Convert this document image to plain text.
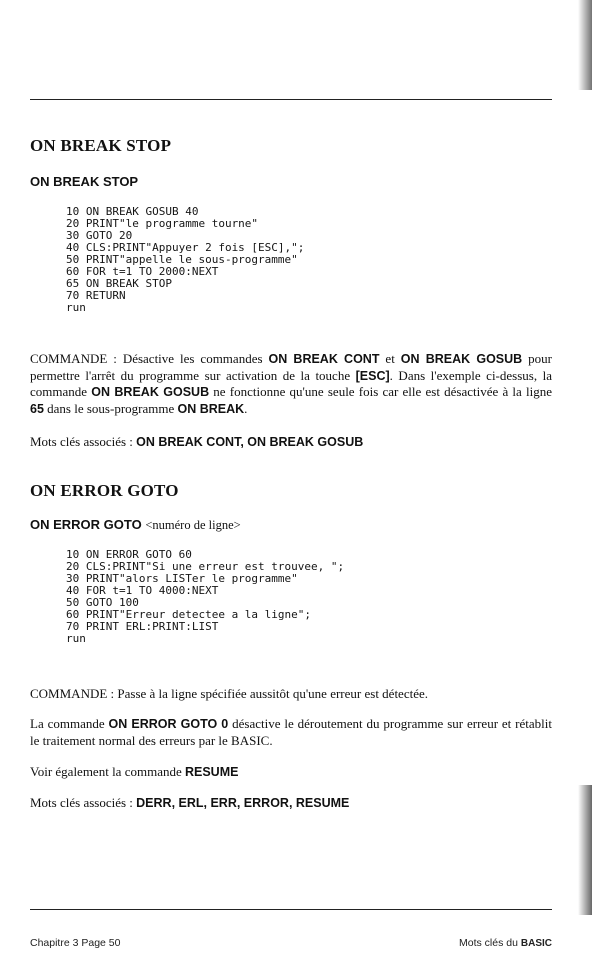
ON BREAK STOP
ON BREAK STOP
10 ON BREAK GOSUB 40
20 PRINT"le programme tourne"
30 GOTO 20
40 CLS:PRINT"Appuyer 2 fois [ESC],";
50 PRINT"appelle le sous-programme"
60 FOR t=1 TO 2000:NEXT
65 ON BREAK STOP
70 RETURN
run

COMMANDE : Désactive les commandes ON BREAK CONT et ON BREAK GOSUB pour permettre l'arrêt du programme sur activation de la touche [ESC]. Dans l'exemple ci-dessus, la commande ON BREAK GOSUB ne fonctionne qu'une seule fois car elle est désactivée à la ligne 65 dans le sous-programme ON BREAK.

Mots clés associés : ON BREAK CONT, ON BREAK GOSUB

ON ERROR GOTO
ON ERROR GOTO <numéro de ligne>
10 ON ERROR GOTO 60
20 CLS:PRINT"Si une erreur est trouvee, ";
30 PRINT"alors LISTer le programme"
40 FOR t=1 TO 4000:NEXT
50 GOTO 100
60 PRINT"Erreur detectee a la ligne";
70 PRINT ERL:PRINT:LIST
run

COMMANDE : Passe à la ligne spécifiée aussitôt qu'une erreur est détectée.

La commande ON ERROR GOTO 0 désactive le déroutement du programme sur erreur et rétablit le traitement normal des erreurs par le BASIC.

Voir également la commande RESUME

Mots clés associés : DERR, ERL, ERR, ERROR, RESUME

Chapitre 3 Page 50	Mots clés du BASIC
